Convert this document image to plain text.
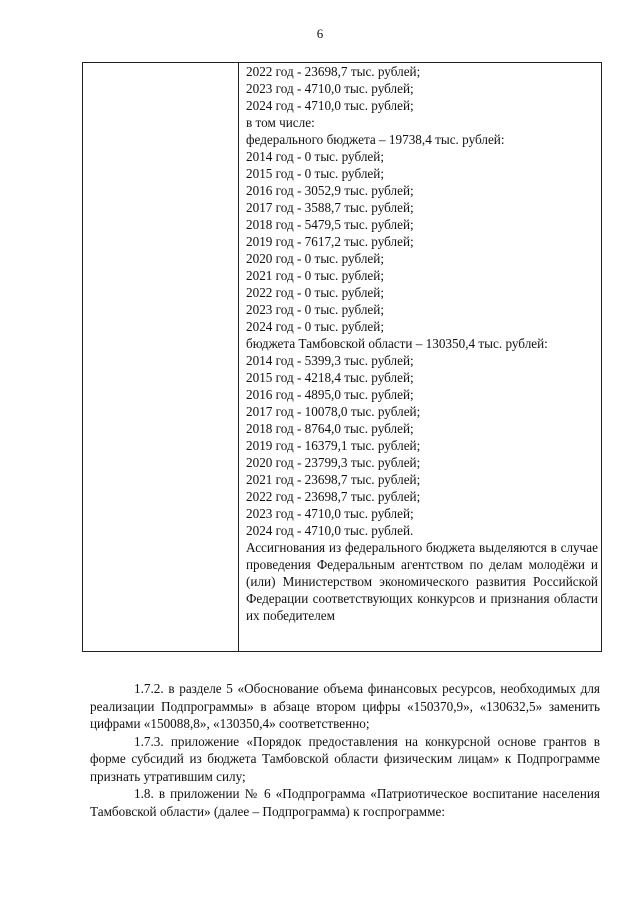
6
2022 год - 23698,7 тыс. рублей;
2023 год - 4710,0 тыс. рублей;
2024 год - 4710,0 тыс. рублей;
в том числе:
федерального бюджета – 19738,4 тыс. рублей:
2014 год - 0 тыс. рублей;
2015 год - 0 тыс. рублей;
2016 год - 3052,9 тыс. рублей;
2017 год - 3588,7 тыс. рублей;
2018 год - 5479,5 тыс. рублей;
2019 год - 7617,2 тыс. рублей;
2020 год - 0 тыс. рублей;
2021 год - 0 тыс. рублей;
2022 год - 0 тыс. рублей;
2023 год - 0 тыс. рублей;
2024 год - 0 тыс. рублей;
бюджета Тамбовской области – 130350,4 тыс. рублей:
2014 год - 5399,3 тыс. рублей;
2015 год - 4218,4 тыс. рублей;
2016 год - 4895,0 тыс. рублей;
2017 год - 10078,0 тыс. рублей;
2018 год - 8764,0 тыс. рублей;
2019 год - 16379,1 тыс. рублей;
2020 год - 23799,3 тыс. рублей;
2021 год - 23698,7 тыс. рублей;
2022 год - 23698,7 тыс. рублей;
2023 год - 4710,0 тыс. рублей;
2024 год - 4710,0 тыс. рублей.
Ассигнования из федерального бюджета выделяются в случае проведения Федеральным агентством по делам молодёжи и (или) Министерством экономического развития Российской Федерации соответствующих конкурсов и признания области их победителем

1.7.2. в разделе 5 «Обоснование объема финансовых ресурсов, необходимых для реализации Подпрограммы» в абзаце втором цифры «150370,9», «130632,5» заменить цифрами «150088,8», «130350,4» соответственно;

1.7.3. приложение «Порядок предоставления на конкурсной основе грантов в форме субсидий из бюджета Тамбовской области физическим лицам» к Подпрограмме признать утратившим силу;

1.8. в приложении № 6 «Подпрограмма «Патриотическое воспитание населения Тамбовской области» (далее – Подпрограмма) к госпрограмме:
